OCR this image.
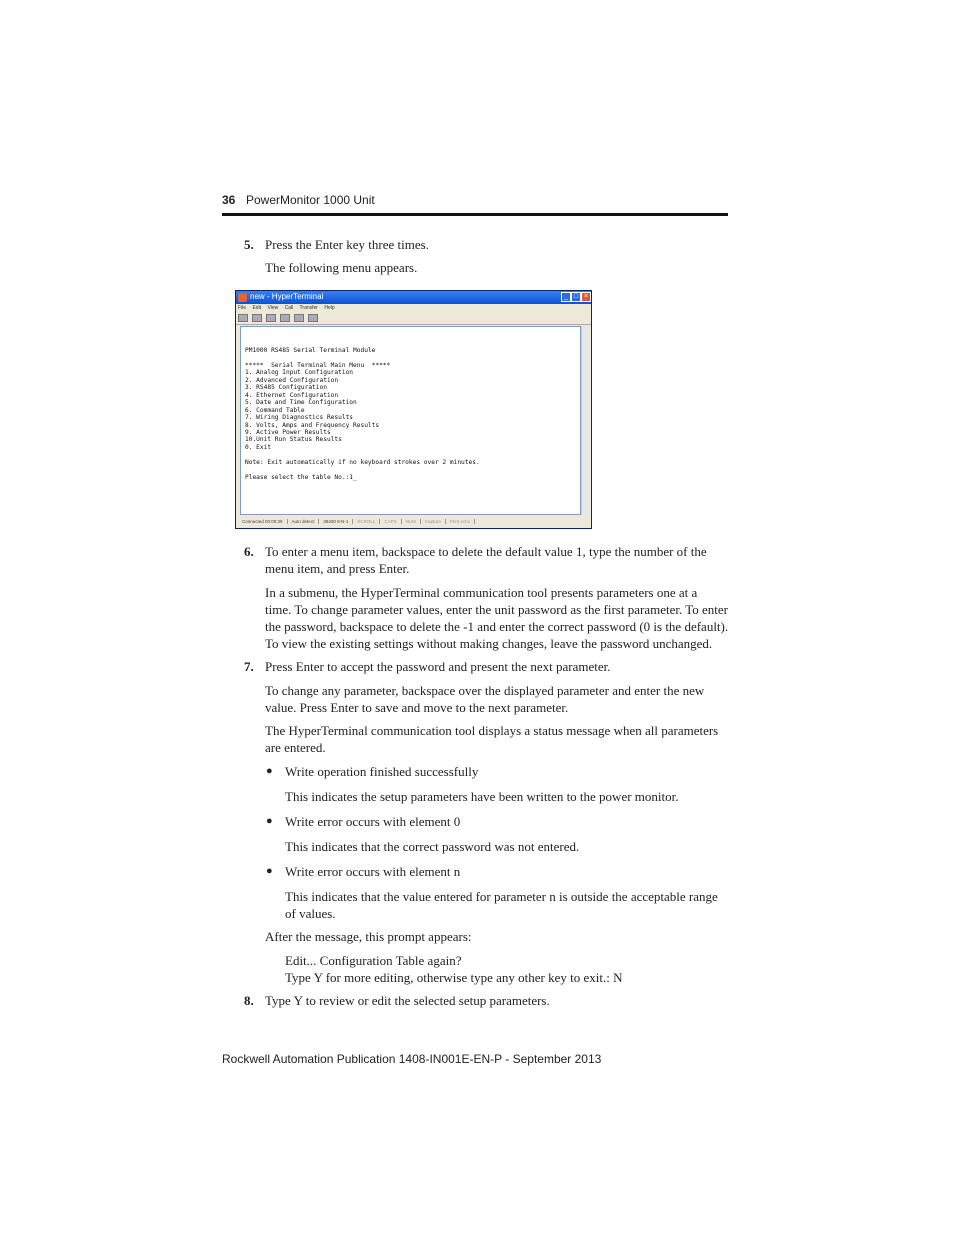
36 PowerMonitor 1000 Unit
5. Press the Enter key three times.
The following menu appears.
new - HyperTerminal	_ □ ×
File Edit View Call Transfer Help
PM1000 RS485 Serial Terminal Module

*****  Serial Terminal Main Menu  *****
1. Analog Input Configuration
2. Advanced Configuration
3. RS485 Configuration
4. Ethernet Configuration
5. Date and Time Configuration
6. Command Table
7. Wiring Diagnostics Results
8. Volts, Amps and Frequency Results
9. Active Power Results
10.Unit Run Status Results
0. Exit

Note: Exit automatically if no keyboard strokes over 2 minutes.

Please select the table No.:1_
Connected 00:00:39 Auto detect 38400 8-N-1 SCROLL CAPS NUM Capture Print echo
6. To enter a menu item, backspace to delete the default value 1, type the number of the
menu item, and press Enter.
In a submenu, the HyperTerminal communication tool presents parameters one at a
time. To change parameter values, enter the unit password as the first parameter. To enter
the password, backspace to delete the -1 and enter the correct password (0 is the default).
To view the existing settings without making changes, leave the password unchanged.
7. Press Enter to accept the password and present the next parameter.
To change any parameter, backspace over the displayed parameter and enter the new
value. Press Enter to save and move to the next parameter.
The HyperTerminal communication tool displays a status message when all parameters
are entered.
● Write operation finished successfully
This indicates the setup parameters have been written to the power monitor.
● Write error occurs with element 0
This indicates that the correct password was not entered.
● Write error occurs with element n
This indicates that the value entered for parameter n is outside the acceptable range
of values.
After the message, this prompt appears:
Edit... Configuration Table again?
Type Y for more editing, otherwise type any other key to exit.: N
8. Type Y to review or edit the selected setup parameters.
Rockwell Automation Publication 1408-IN001E-EN-P - September 2013
